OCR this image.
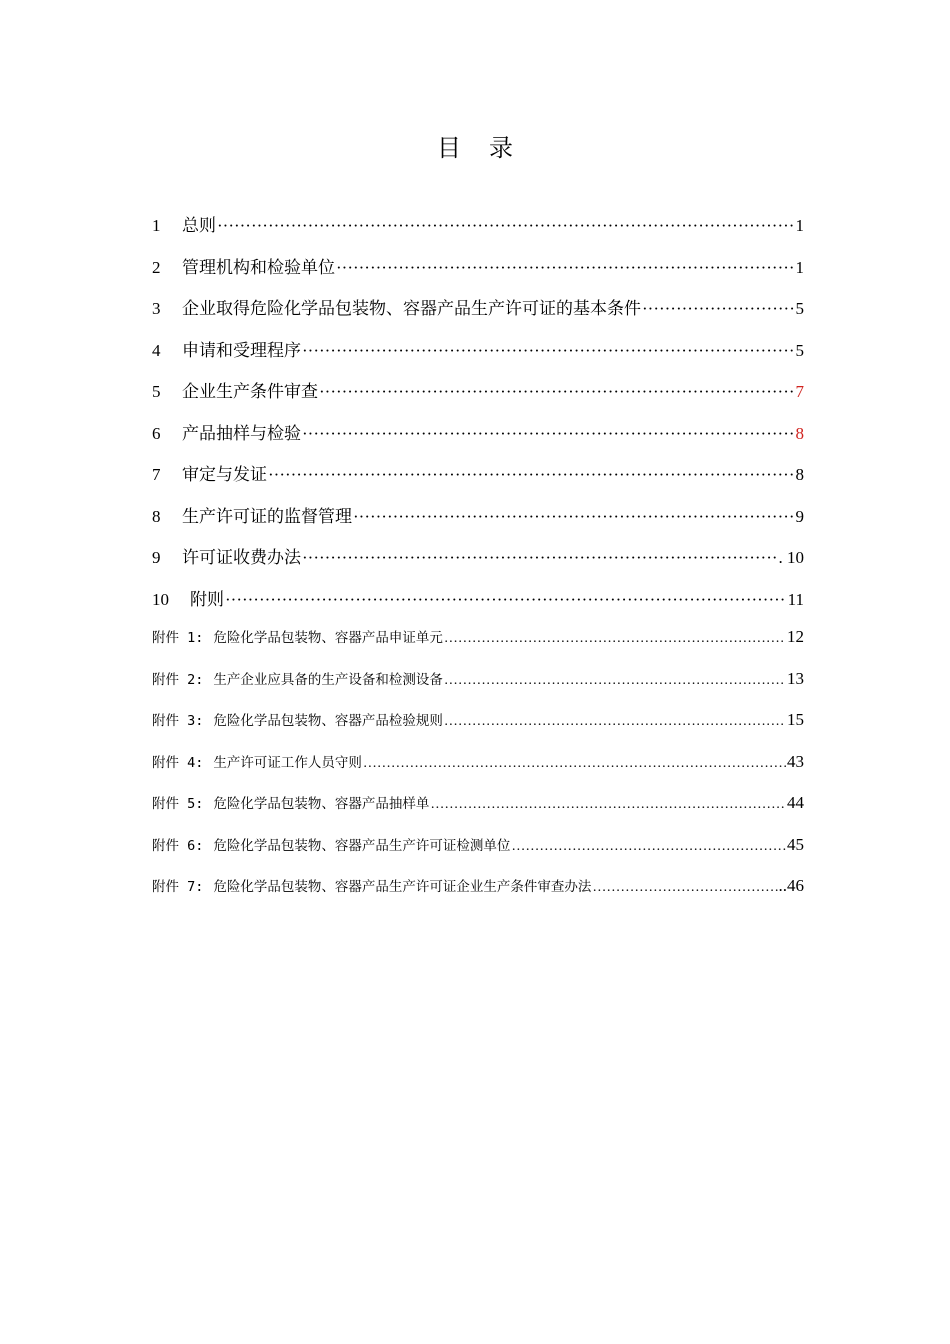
目 录
1	总则 ·····	1
2	管理机构和检验单位 ·····	1
3	企业取得危险化学品包装物、容器产品生产许可证的基本条件 ·····	5
4	申请和受理程序 ·····	5
5	企业生产条件审查 ·····	7
6	产品抽样与检验 ·····	8
7	审定与发证 ·····	8
8	生产许可证的监督管理 ·····	9
9	许可证收费办法 ·····	. 10
10	附则 ·····	11
附件 1: 危险化学品包装物、容器产品申证单元 …………………………………………………………………………………………………………………………………………………………	12
附件 2: 生产企业应具备的生产设备和检测设备 …………………………………………………………………………………………………………………………………………………………	13
附件 3: 危险化学品包装物、容器产品检验规则 …………………………………………………………………………………………………………………………………………………………	15
附件 4: 生产许可证工作人员守则 …………………………………………………………………………………………………………………………………………………………	43
附件 5: 危险化学品包装物、容器产品抽样单 …………………………………………………………………………………………………………………………………………………………	44
附件 6: 危险化学品包装物、容器产品生产许可证检测单位 …………………………………………………………………………………………………………………………………………………………	45
附件 7: 危险化学品包装物、容器产品生产许可证企业生产条件审查办法 …………………………………………………………………………………………………………………………………………………………	..46
